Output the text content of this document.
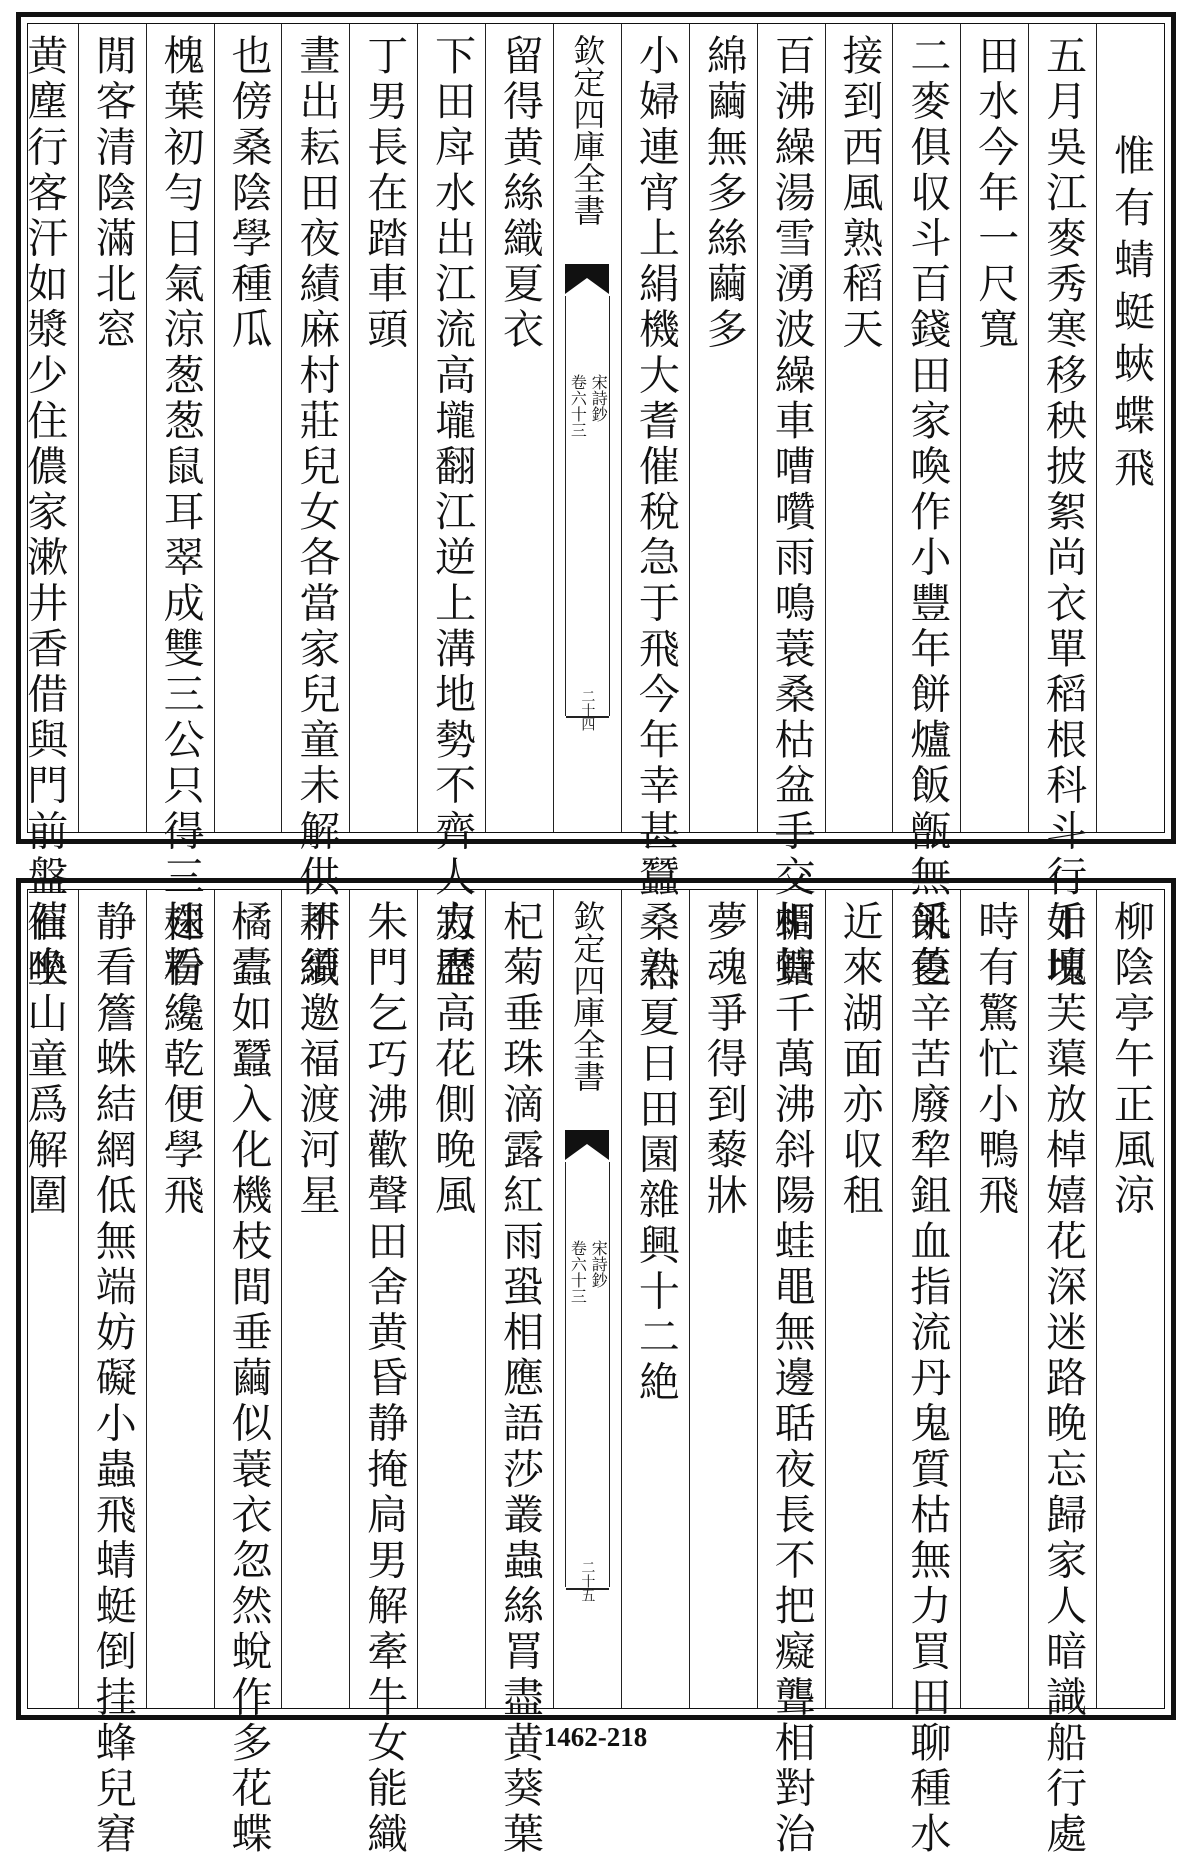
惟有蜻蜓蛺蝶飛
五月吳江麥秀寒移秧披絮尚衣單稻根科斗行如塊
田水今年一尺寬
二麥俱収斗百錢田家喚作小豐年餅爐飯甑無飢色
接到西風熟稻天
百沸繰湯雪湧波繰車嘈囋雨鳴蓑桑枯盆手交相賀
綿繭無多絲繭多
小婦連宵上絹機大耆催稅急于飛今年幸甚蠶桑熟
欽定四庫全書
宋詩鈔
卷六十三
二十四
留得黄絲織夏衣
下田戽水出江流高壠翻江逆上溝地勢不齊人力盡
丁男長在踏車頭
晝出耘田夜績麻村莊兒女各當家兒童未解供耕織
也傍桑陰學種瓜
槐葉初勻日氣涼葱葱鼠耳翠成雙三公只得三株看
閒客清陰滿北窓
黄塵行客汗如漿少住儂家漱井香借與門前盤石坐
柳陰亭午正風涼
千頃芙蕖放棹嬉花深迷路晚忘歸家人暗識船行處
時有驚忙小鴨飛
采菱辛苦廢犂鉏血指流丹鬼質枯無力買田聊種水
近來湖面亦収租
蜩螗千萬沸斜陽蛙黽無邊聒夜長不把癡聾相對治
夢魂爭得到藜牀
右夏日田園雜興十二絶
欽定四庫全書
宋詩鈔
卷六十三
二十五
杞菊垂珠滴露紅雨蛩相應語莎叢蟲絲罥盡黄葵葉
寂歷高花側晚風
朱門乞巧沸歡聲田舍黄昏静掩扃男解牽牛女能織
不須邀福渡河星
橘蠹如蠶入化機枝間垂繭似蓑衣忽然蛻作多花蝶
翅粉纔乾便學飛
静看簷蛛結網低無端妨礙小蟲飛蜻蜓倒挂蜂兒窘
催喚山童爲解圍
1462-218
